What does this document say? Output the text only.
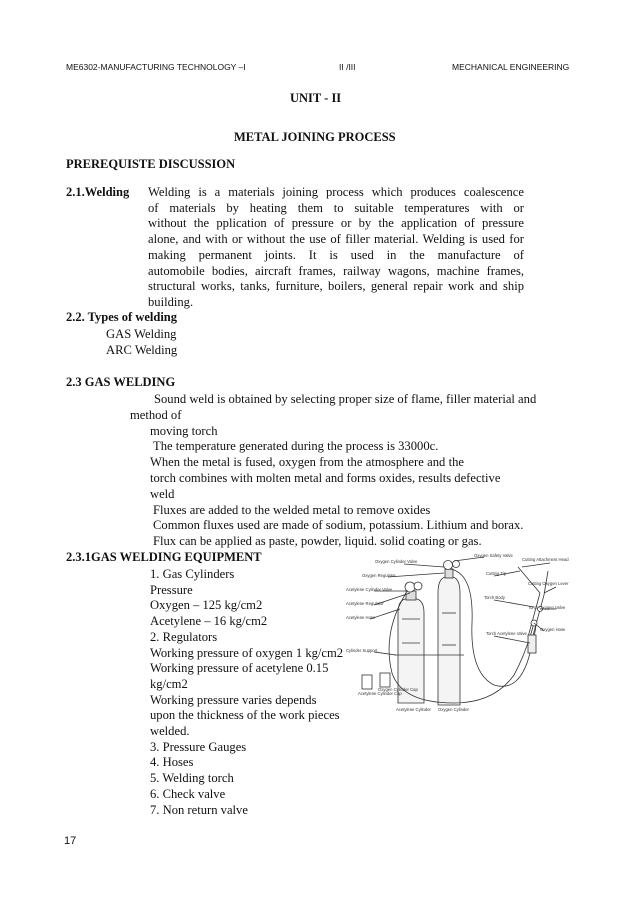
ME6302-MANUFACTURING TECHNOLOGY –I	II /III	MECHANICAL ENGINEERING
UNIT - II
METAL JOINING PROCESS
PREREQUISTE DISCUSSION
2.1.Welding Welding is a materials joining process which produces coalescence
of materials by heating them to suitable temperatures with or
without the pplication of pressure or by the application of pressure
alone, and with or without the use of filler material. Welding is used for
making permanent joints. It is used in the manufacture of
automobile bodies, aircraft frames, railway wagons, machine frames,
structural works, tanks, furniture, boilers, general repair work and ship
building.
2.2. Types of welding
GAS Welding
ARC Welding
2.3 GAS WELDING
Sound weld is obtained by selecting proper size of flame, filler material and
method of
moving torch
The temperature generated during the process is 33000c.
When the metal is fused, oxygen from the atmosphere and the
torch combines with molten metal and forms oxides, results defective
weld
Fluxes are added to the welded metal to remove oxides
Common fluxes used are made of sodium, potassium. Lithium and borax.
Flux can be applied as paste, powder, liquid. solid coating or gas.
2.3.1GAS WELDING EQUIPMENT
1. Gas Cylinders
Pressure
Oxygen – 125 kg/cm2
Acetylene – 16 kg/cm2
2. Regulators
Working pressure of oxygen 1 kg/cm2
Working pressure of acetylene 0.15
kg/cm2
Working pressure varies depends
upon the thickness of the work pieces
welded.
3. Pressure Gauges
4. Hoses
5. Welding torch
6. Check valve
7. Non return valve
Oxygen Cylinder Valve
Oxygen Safety Valve
Oxygen Regulator
Acetylene Cylinder Valve
Acetylene Regulator
Acetylene Hose
Cylinder Support
Acetylene Cylinder Cap
Oxygen Cylinder Cap
Acetylene Cylinder Oxygen Cylinder
Cutting Tip
Torch Body
Torch Acetylene Valve
Cutting Attachment Head
Cutting Oxygen Lever
Torch Oxygen Valve
Oxygen Hose
17
